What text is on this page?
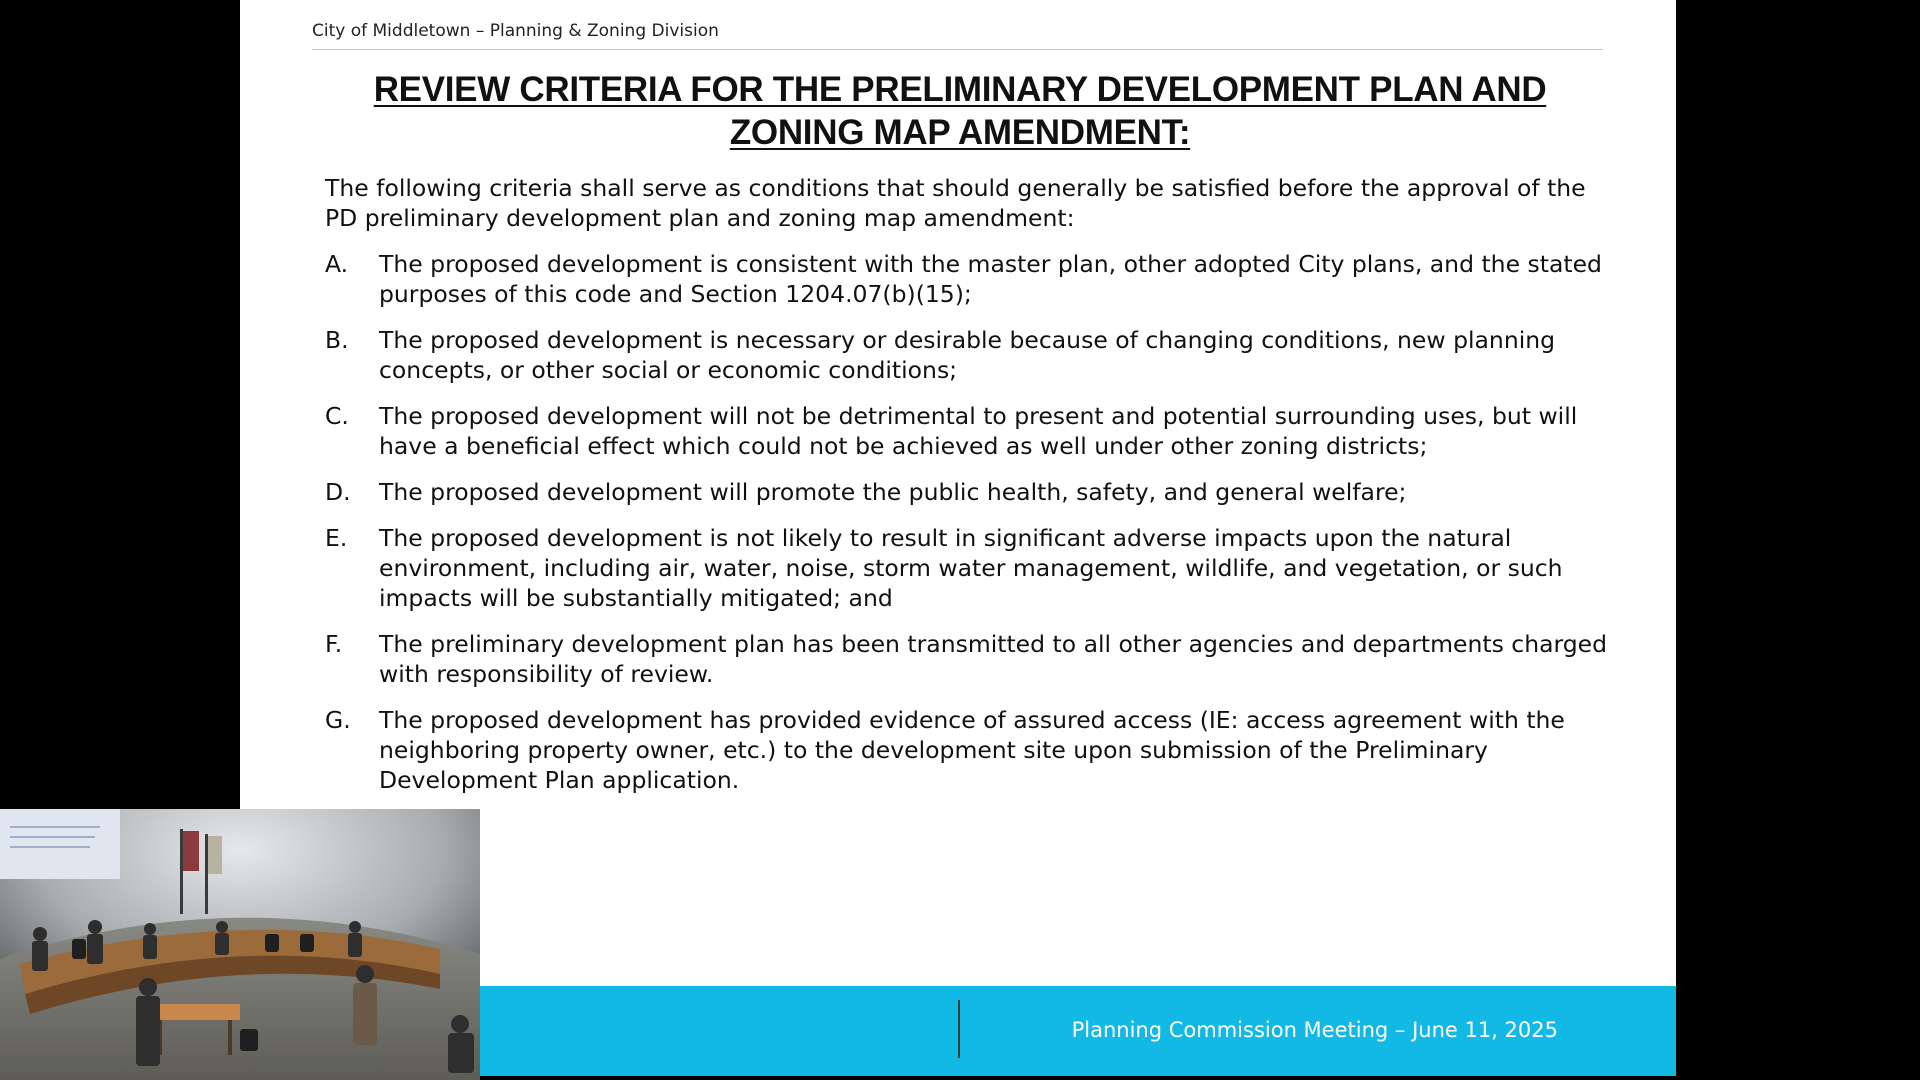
City of Middletown – Planning & Zoning Division
REVIEW CRITERIA FOR THE PRELIMINARY DEVELOPMENT PLAN AND
ZONING MAP AMENDMENT:

The following criteria shall serve as conditions that should generally be satisfied before the approval of the PD preliminary development plan and zoning map amendment:

A.	The proposed development is consistent with the master plan, other adopted City plans, and the stated purposes of this code and Section 1204.07(b)(15);
B.	The proposed development is necessary or desirable because of changing conditions, new planning concepts, or other social or economic conditions;
C.	The proposed development will not be detrimental to present and potential surrounding uses, but will have a beneficial effect which could not be achieved as well under other zoning districts;
D.	The proposed development will promote the public health, safety, and general welfare;
E.	The proposed development is not likely to result in significant adverse impacts upon the natural environment, including air, water, noise, storm water management, wildlife, and vegetation, or such impacts will be substantially mitigated; and
F.	The preliminary development plan has been transmitted to all other agencies and departments charged with responsibility of review.
G.	The proposed development has provided evidence of assured access (IE: access agreement with the neighboring property owner, etc.) to the development site upon submission of the Preliminary Development Plan application.
Planning Commission Meeting – June 11, 2025
